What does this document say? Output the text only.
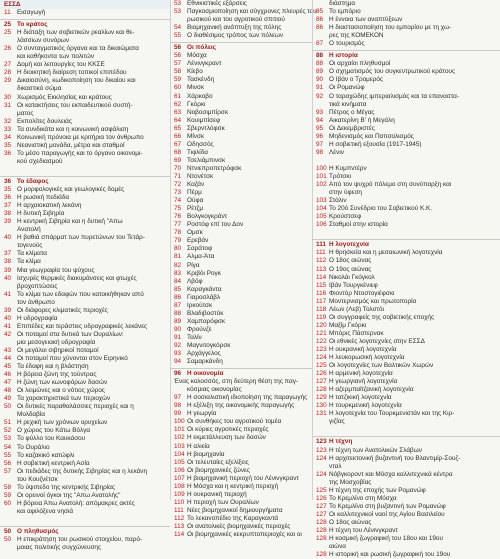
ΕΣΣΔ
11 Εισαγωγή
25 Το κράτος
25 Η διάταξη των σοβιετικών ρεαλίων και θε-
λάσσιων συνόρων
26 Ο συνταγματικός όργανα και τα δικαιώματα
και καθήκοντα των πολιτών
27 Δομή και λειτουργίες του ΚΚΣΕ
28 Η διοικητική διαίρεση τοπικοί επιπέδου
29 Δικαιοσύνη, κωδικοποίηση του δικαίου και
δικαστικό σώμα
30 Χωρισμός Εκκλησίας και κράτους
31 Οι κατακτήσεις του εκπαιδευτικού συστή-
ματος
32 Εκπολίτες δουλειάς
33 Τα συνδικάτα και η κοινωνική ασφάλιση
34 Κοινωνική πρόνοια με κριτήρια τον άνθρωπο
35 Νεανιστική μονάδα, μέτρα και σταθμοί
36 Το μέσο παραγωγής και το όργανο οικονομι-
κού σχεδιασμού

36 Το έδαφος
35 Ο μορφολογικές και γεωλογικές δομές
36 Η ρωσική πεδιάδα
37 Η αρχαιοκατική λεκάνη
38 Η δυτική Σιβηρία
39 Η κεντρική Σιβηρία και η δυτική "Απω
Ανατολή
40 Η βαθιά σπάρματ των πυρετώνων του Τετάρ-
τογενούς
37 Τα κλίματα
38 Τα κλίμα
39 Μια γεωγραφία του ψύχους
40 Ισχυρές θερμικές διακυμάνσεις και φτωχές
βροχοπτώσεις
41 Το κλίμα των εδαφών που κατοικήθηκαν από
τον άνθρωπο
39 Οι διάφορες κλιματικές περιοχές
40 Η υδρογραφία
41 Επιπέδες και τεράστιες υδρογραφικές λεκάνες
42 Οι ποταμοί στα δυτικά των Ουραλίων:
μια μεσογειακή υδρογραφία
43 Οι μεγάλοι σιβηρικοί ποταμοί
44 Οι ποταμοί που χύνονται στον Ειρηνικό
45 Τα έδαφη και η βλάστηση
46 Η βόρεια ζώνη της τούντρας
47 Η ζώνη των κωνοφόρων δασών
48 Οι λειμώνες και ο νότιος χώρος
49 Τα χαρακτηριστικά των περιοχών
50 Οι δυτικές παραθαλάσσιες περιοχές και η
Μολδαβία
51 Η ρεχική των χρόνιων ορυχείων
52 Ο χώρος του Κάτω Βόλγα
53 Το φύλλο του Καυκάσου
54 Το Ουράλιο
55 Το καζακικό κατώφλι
56 Η σοβιετική κεντρική Ασία
57 Οι πεδιάδες της δυτικής Σιβηρίας και η λεκάνη
του Κουζνέτσκ
58 Το ύψιπεδο της κεντρικής Σιβηρίας
59 Οι ορεινοί όγκοι της "Απω Ανατολής"
60 Η βόρεια Άπω Ανατολή: απόμακρες ακτές
και αφιλόξενα νησιά

50 Ο πληθυσμός
50 Η επικράτηση του ρωσικού στοιχείου, παρό-
μοιας πολιτικής συγχώνευσης
53 Εθνικιστικές εξάρσεις
53 Παγκοσμιοποίηση και σύγχρονες πλευρές του
ρωσικού και του αγροτικού σπιτιού
54 Βιομηχανική ανάπτυξη της πόλης
55 Ο διαθέσιμος τρόπος των πόλεων
56 Οι πόλεις
56 Μόσχα
57 Λένινγκραντ
58 Κίεβο
59 Τασκένδη
60 Μινσκ
61 Χάρκοβο
62 Γκόρκι
63 Νοβοσιμπίρσκ
64 Κουιμπίσεφ
65 Σβερντλόφσκ
66 Μίνσκ
67 Οδησσός
68 Τιφλίδα
69 Τσελιάμπινσκ
70 Ντνιεπροπετρόφσκ
71 Ντονέτσκ
72 Καζάν
73 Πέρμ
74 Ούφα
75 Ρέτζμ
76 Βολγκογκράντ
77 Ροστόφ επί του Δον
78 Ομσκ
79 Ερεβάν
80 Σαράτοφ
81 Αλμα-Άτα
82 Ρίγα
83 Κριβόι Ρογκ
84 Λβόφ
85 Καραγκάντα
86 Γιαροσλάβλ
87 Ιρκούτσκ
88 Βλαδιβοστόκ
89 Χαμπαρόφσκ
90 Φρούνζε
91 Ταλίν
92 Μαγνιτογκόρσκ
93 Αρχάγγελος
94 Σαμαρκάνδη
96 Η οικονομία
Ένας κολοσσός, στη δεύτερη θέση της παγ-
κόσμιας οικονομίας
97 Η σοσιαλιστική ιδιοποίηση της παραγωγής
98 Η εξέλιξη της οικονομικής παραγωγής
99 Η γεωργία
100 Οι συνθήκες του αγροτικού τομέα
101 Οι κύριες αγροτικές περιοχές
102 Η εκμετάλλευση των δασών
103 Η αλιεία
104 Η βιομηχανία
105 Οι τελευταίες εξελίξεις
106 Οι βιομηχανικές ζώνες
107 Η βιομηχανική περιοχή του Λένινγκραντ
108 Η Μόσχα και η κεντρική περιοχή
109 Η ουκρανική περιοχή
110 Η περιοχή των Ουραλίων
111 Νέες βιομηχανικοί δημιουργήματα
112 Το λεκανοπέδιο της Καραγκαντά
113 Οι ανατολικές βιομηχανικές περιοχές
114 Οι βιομηχανικές κεκρυπτοπεριοχές και οι
διάστημα
85 Το εμπόριο
86 Η έννοια των αναπτύξεων
86 Η διαστασιοποίηση του εμπορίου με τη χω-
ρες της ΚΟΜΕΚΟΝ
87 Ο τουρισμός
88 Η ιστορία
88 Οι αρχαίοι πληθυσμοί
89 Ο σχηματισμός του συγκεντρωτικού κράτους
90 Ο Ιβάν ο Τρομερός
91 Οι Ρομανώφ
92 Ο ταραχώδης ιμπεριαλισμός και τα επαναστα-
τικά κινήματα
93 Πέτρος ο Μέγας
94 Αικατερίνη Β' ή Μεγάλη
95 Οι Δεκεμβριστές
96 Μηδενισμός και Παπσολισμός
97 Η σοβιετική εξουσία (1917-1945)
98 Λένιν

100 Η Κυμπντέρν
101 Τρότσκι
102 Από τον ψυχρό πόλεμο στη συνύπαρξη και
στην ύφεση
103 Στάλιν
104 Το 20ό Συνέδριο του Σοβιετικού Κ.Κ.
105 Κρούστσεφ
106 Σταθμοί στην ιστορία

111 Η λογοτεχνία
111 Η θρησκεία και η μεσαιωνική λογοτεχνία
112 Ο 18ος αιώνας
113 Ο 19ος αιώνας
114 Νικολάι Γκόγκολ
115 Ιβάν Τουργκένιεφ
116 Φιοντόρ Ντοστογιέφσκι
117 Μοντερνισμός και πρωτοπορία
118 Λέων (Λεβ) Τολστόι
119 Οι συγγραφείς της σοβιετικής εποχής
120 Μαξίμ Γκόρκι
121 Μπόρις Πάστερνακ
122 Οι εθνικές λογοτεχνίες στην ΕΣΣΔ
123 Η ουκρανική λογοτεχνία
124 Η λευκορωσική λογοτεχνία
125 Οι λογοτεχνίες των Βαλτικών Χωρών
126 Η αρμενική λογοτεχνία
127 Η γεωργιανή λογοτεχνία
128 Η αζερμπαϊτζανική λογοτεχνία
129 Η τατζικική λογοτεχνία
130 Η τουρκμενική λογοτεχνία
131 Η λογοτεχνία του Τουρκμενιστάν και της Κιρ-
γιζίας

123 Η τέχνη
123 Η τέχνη των Ανατολικών Σλάβων
124 Η αρχιτεκτονική βυζαντινή του Βλαντιμίρ-Σουζ-
νταλ
124 Νόβγκοροντ και Μόσχα καλλιτεχνικά κέντρα
της Μοσχοβίας
125 Η τέχνη της εποχής των Ρομανώφ
126 Το Κρεμλίνο στη Μόσχα
127 Το Κρεμλίνο στη βυζαντινή των Ρομανώφ
127 Οι καλλιτεχνικοί ναοί της Αγίου Βασιλείου
128 Ο 18ος αιώνας
128 Η τέχνη του Λένινγκραντ
128 Η κοσμική ζωγραφική του 18ου και 19ου
αιώνα
128 Η ιστορική και ρωσική ζωγραφική του 19ου
